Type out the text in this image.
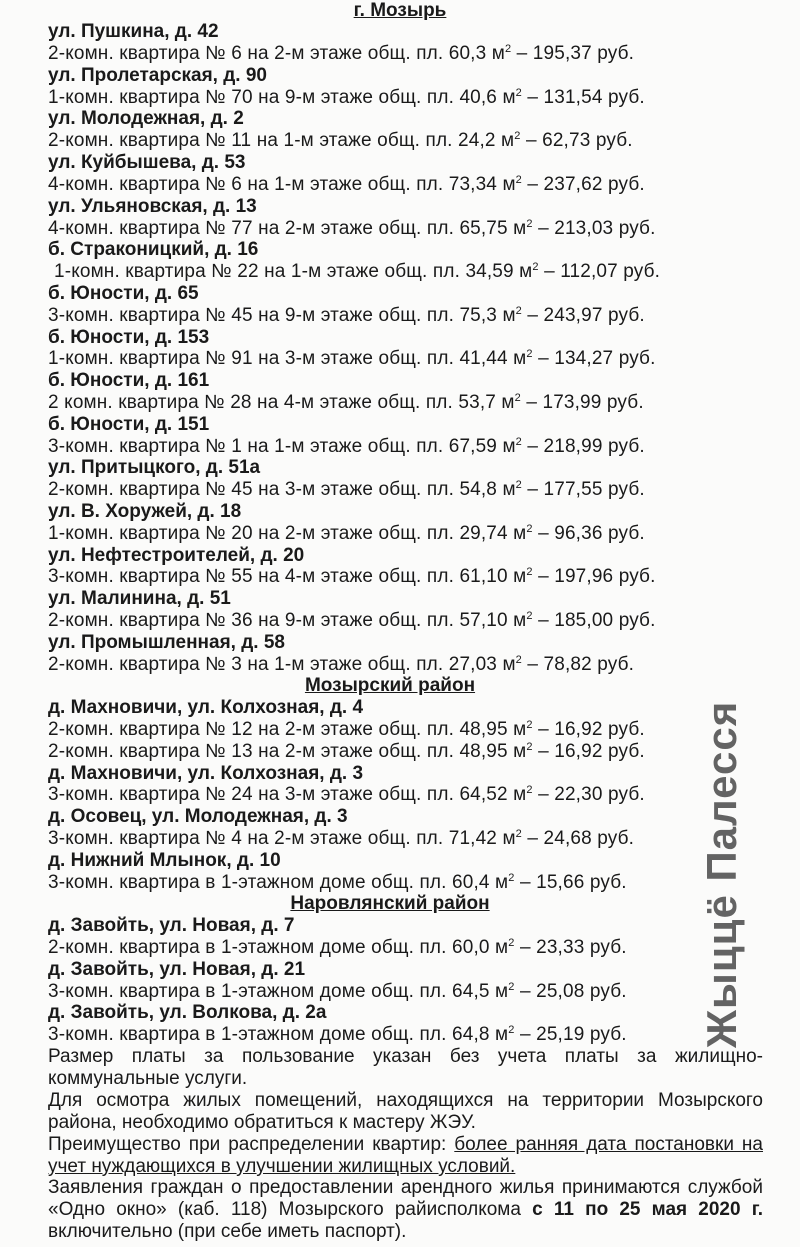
г. Мозырь
ул. Пушкина, д. 42
2-комн. квартира № 6 на 2-м этаже общ. пл. 60,3 $м^2 - 195,37$ руб.
ул. Пролетарская, д. 90
1-комн. квартира № 70 на 9-м этаже общ. пл. 40,6 $м^2 - 131,54$ руб.
ул. Молодежная, д. 2
2-комн. квартира № 11 на 1-м этаже общ. пл. 24,2 $м^2 - 62,73$ руб.
ул. Куйбышева, д. 53
4-комн. квартира № 6 на 1-м этаже общ. пл. 73,34 $м^2 - 237,62$ руб.
ул. Ульяновская, д. 13
4-комн. квартира № 77 на 2-м этаже общ. пл. 65,75 $м^2 - 213,03$ руб.
б. Страконицкий, д. 16
1-комн. квартира № 22 на 1-м этаже общ. пл. 34,59 $м^2 - 112,07$ руб.
б. Юности, д. 65
3-комн. квартира № 45 на 9-м этаже общ. пл. 75,3 $м^2 - 243,97$ руб.
б. Юности, д. 153
1-комн. квартира № 91 на 3-м этаже общ. пл. 41,44 $м^2 - 134,27$ руб.
б. Юности, д. 161
2 комн. квартира № 28 на 4-м этаже общ. пл. 53,7 $м^2 - 173,99$ руб.
б. Юности, д. 151
3-комн. квартира № 1 на 1-м этаже общ. пл. 67,59 $м^2 - 218,99$ руб.
ул. Притыцкого, д. 51а
2-комн. квартира № 45 на 3-м этаже общ. пл. 54,8 $м^2 - 177,55$ руб.
ул. В. Хоружей, д. 18
1-комн. квартира № 20 на 2-м этаже общ. пл. 29,74 $м^2 - 96,36$ руб.
ул. Нефтестроителей, д. 20
3-комн. квартира № 55 на 4-м этаже общ. пл. 61,10 $м^2 - 197,96$ руб.
ул. Малинина, д. 51
2-комн. квартира № 36 на 9-м этаже общ. пл. 57,10 $м^2 - 185,00$ руб.
ул. Промышленная, д. 58
2-комн. квартира № 3 на 1-м этаже общ. пл. 27,03 $м^2 - 78,82$ руб.
Мозырский район
д. Махновичи, ул. Колхозная, д. 4
2-комн. квартира № 12 на 2-м этаже общ. пл. 48,95 $м^2 - 16,92$ руб.
2-комн. квартира № 13 на 2-м этаже общ. пл. 48,95 $м^2 - 16,92$ руб.
д. Махновичи, ул. Колхозная, д. 3
3-комн. квартира № 24 на 3-м этаже общ. пл. 64,52 $м^2 - 22,30$ руб.
д. Осовец, ул. Молодежная, д. 3
3-комн. квартира № 4 на 2-м этаже общ. пл. 71,42 $м^2 - 24,68$ руб.
д. Нижний Млынок, д. 10
3-комн. квартира в 1-этажном доме общ. пл. 60,4 $м^2 - 15,66$ руб.
Наровлянский район
д. Завойть, ул. Новая, д. 7
2-комн. квартира в 1-этажном доме общ. пл. 60,0 $м^2 - 23,33$ руб.
д. Завойть, ул. Новая, д. 21
3-комн. квартира в 1-этажном доме общ. пл. 64,5 $м^2 - 25,08$ руб.
д. Завойть, ул. Волкова, д. 2а
3-комн. квартира в 1-этажном доме общ. пл. 64,8 $м^2 - 25,19$ руб.
Размер платы за пользование указан без учета платы за жилищно-коммунальные услуги.
Для осмотра жилых помещений, находящихся на территории Мозырского района, необходимо обратиться к мастеру ЖЭУ.
Преимущество при распределении квартир: более ранняя дата постановки на учет нуждающихся в улучшении жилищных условий.
Заявления граждан о предоставлении арендного жилья принимаются службой «Одно окно» (каб. 118) Мозырского райисполкома с 11 по 25 мая 2020 г. включительно (при себе иметь паспорт).
Жыццё Палесся
